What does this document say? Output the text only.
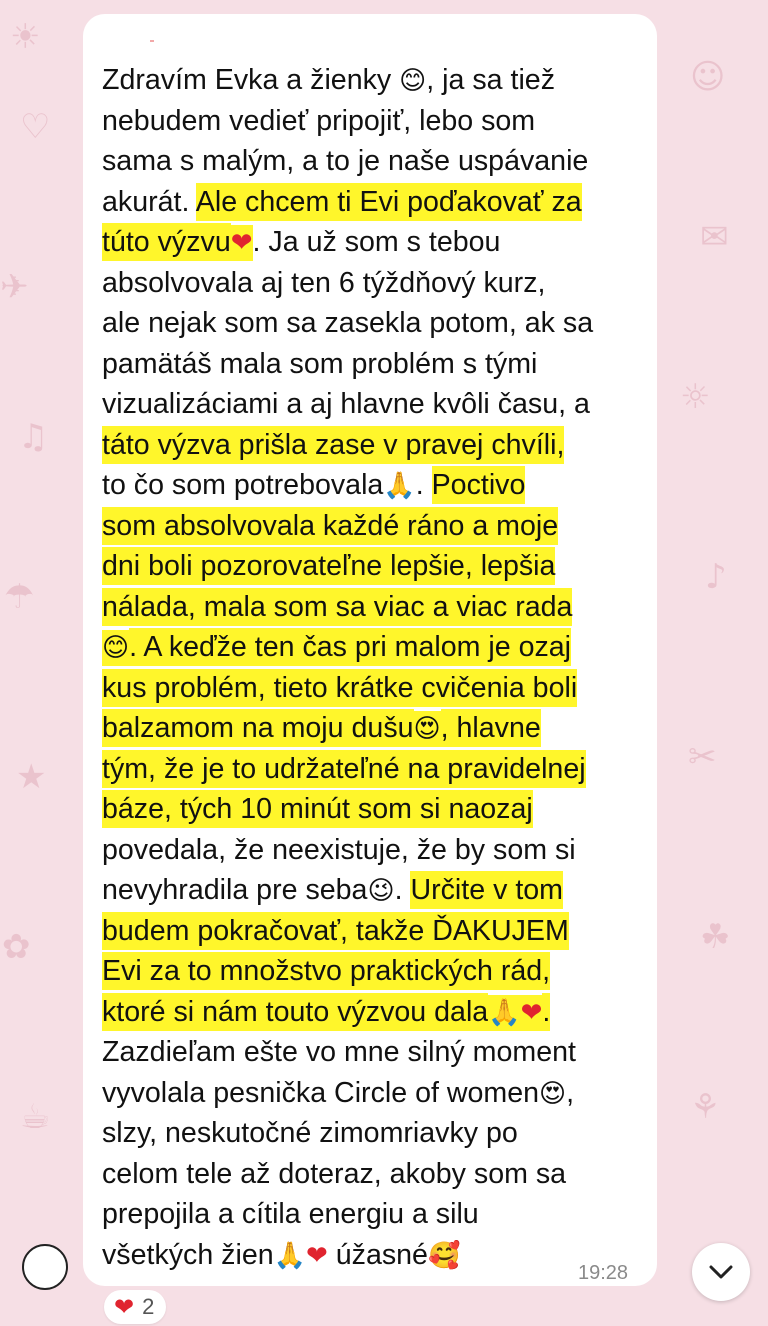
☀
♡
✈
♫
☂
★
✿
☕
☺
✉
☼
♪
✂
☘
⚘
Zdravím Evka a žienky 😊, ja sa tiež
nebudem vedieť pripojiť, lebo som
sama s malým, a to je naše uspávanie
akurát. Ale chcem ti Evi poďakovať za
túto výzvu❤. Ja už som s tebou
absolvovala aj ten 6 týždňový kurz,
ale nejak som sa zasekla potom, ak sa
pamätáš mala som problém s tými
vizualizáciami a aj hlavne kvôli času, a
táto výzva prišla zase v pravej chvíli,
to čo som potrebovala🙏. Poctivo
som absolvovala každé ráno a moje
dni boli pozorovateľne lepšie, lepšia
nálada, mala som sa viac a viac rada
😊. A keďže ten čas pri malom je ozaj
kus problém, tieto krátke cvičenia boli
balzamom na moju dušu😍, hlavne
tým, že je to udržateľné na pravidelnej
báze, tých 10 minút som si naozaj
povedala, že neexistuje, že by som si
nevyhradila pre seba😉. Určite v tom
budem pokračovať, takže ĎAKUJEM
Evi za to množstvo praktických rád,
ktoré si nám touto výzvou dala🙏❤.
Zazdieľam ešte vo mne silný moment
vyvolala pesnička Circle of women😍,
slzy, neskutočné zimomriavky po
celom tele až doteraz, akoby som sa
prepojila a cítila energiu a silu
všetkých žien🙏❤ úžasné🥰
19:28
❤ 2
